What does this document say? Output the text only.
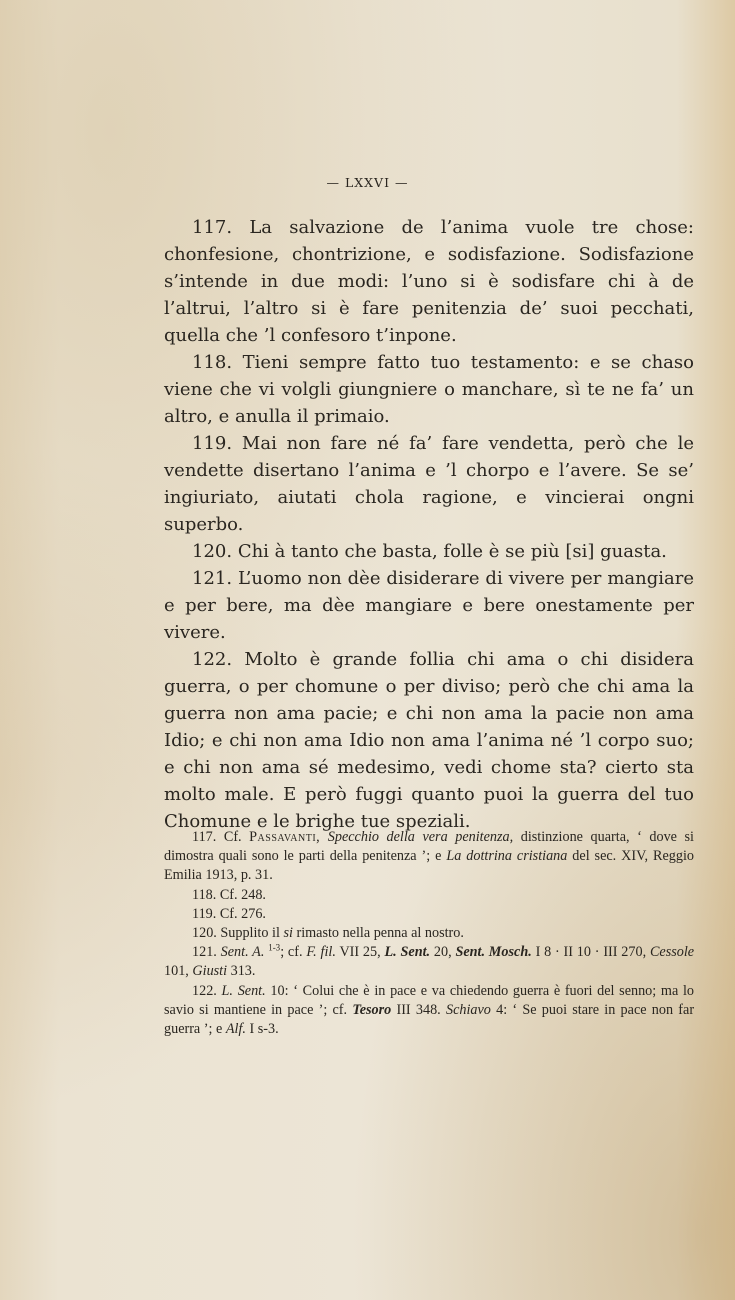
— LXXVI —

117. La salvazione de l’anima vuole tre chose: chonfesione, chontrizione, e sodisfazione. Sodisfazione s’intende in due modi: l’uno si è sodisfare chi à de l’altrui, l’altro si è fare penitenzia de’ suoi pecchati, quella che ’l confesoro t’inpone.

118. Tieni sempre fatto tuo testamento: e se chaso viene che vi volgli giungniere o manchare, sì te ne fa’ un altro, e anulla il primaio.

119. Mai non fare né fa’ fare vendetta, però che le vendette disertano l’anima e ’l chorpo e l’avere. Se se’ ingiuriato, aiutati chola ragione, e vincierai ongni superbo.

120. Chi à tanto che basta, folle è se più [si] guasta.

121. L’uomo non dèe disiderare di vivere per mangiare e per bere, ma dèe mangiare e bere onestamente per vivere.

122. Molto è grande follia chi ama o chi disidera guerra, o per chomune o per diviso; però che chi ama la guerra non ama pacie; e chi non ama la pacie non ama Idio; e chi non ama Idio non ama l’anima né ’l corpo suo; e chi non ama sé medesimo, vedi chome sta? cierto sta molto male. E però fuggi quanto puoi la guerra del tuo Chomune e le brighe tue speziali.

117. Cf. Passavanti, Specchio della vera penitenza, distinzione quarta, ‘ dove si dimostra quali sono le parti della penitenza ’; e La dottrina cristiana del sec. XIV, Reggio Emilia 1913, p. 31.

118. Cf. 248.

119. Cf. 276.

120. Supplito il si rimasto nella penna al nostro.

121. Sent. A. $^{1-3}$; cf. F. fil. VII 25, L. Sent. 20, Sent. Mosch. I 8 · II 10 · III 270, Cessole 101, Giusti 313.

122. L. Sent. 10: ‘ Colui che è in pace e va chiedendo guerra è fuori del senno; ma lo savio si mantiene in pace ’; cf. Tesoro III 348. Schiavo 4: ‘ Se puoi stare in pace non far guerra ’; e Alf. I s-3.
